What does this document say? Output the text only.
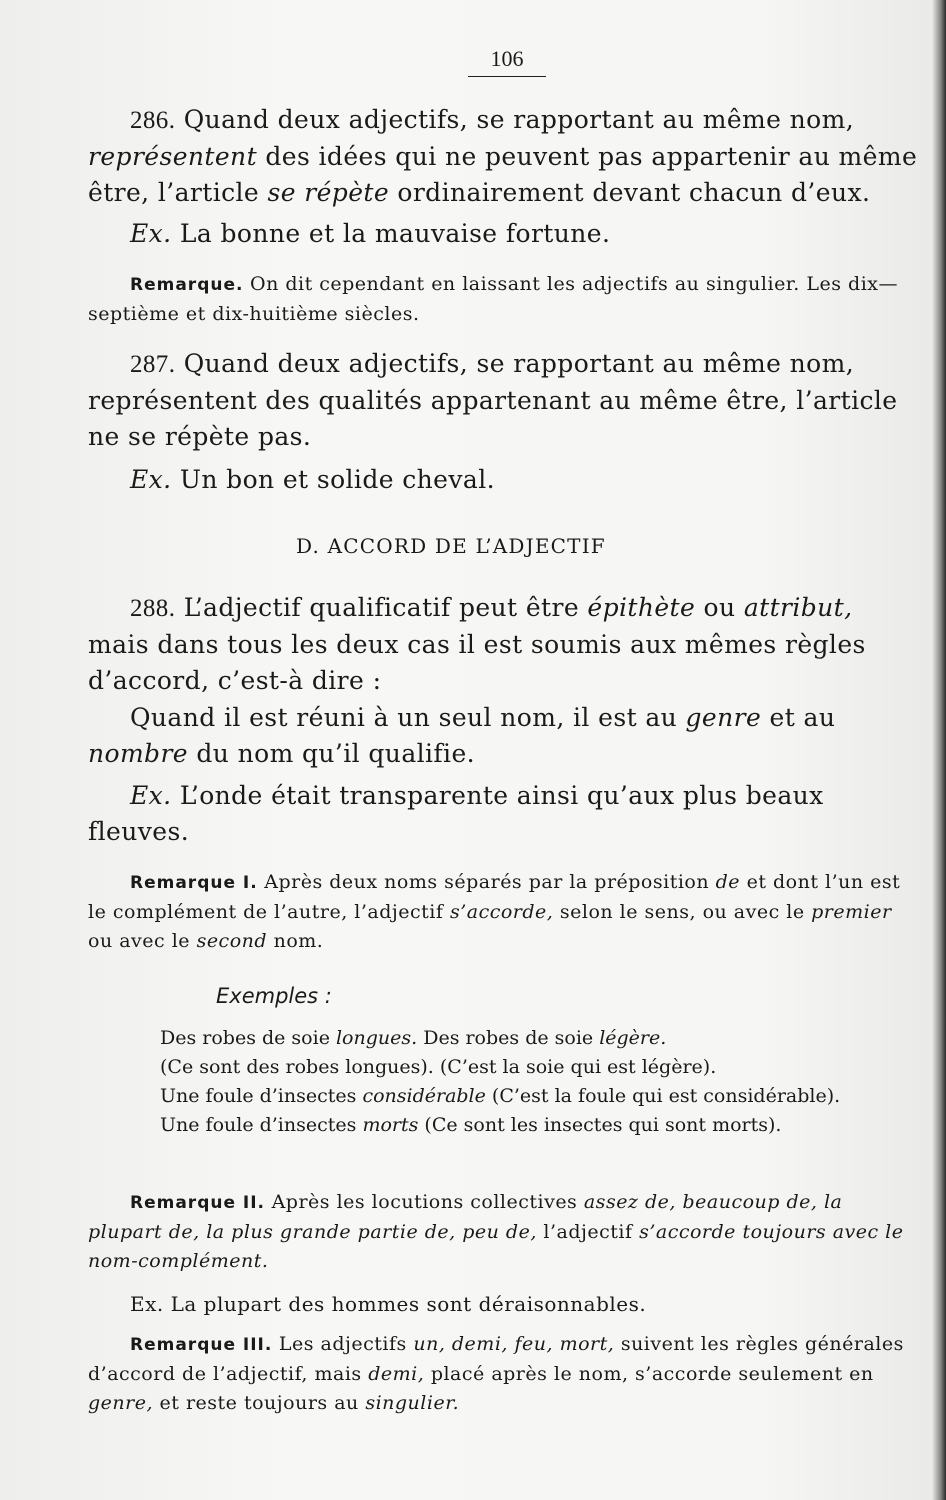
106
286. Quand deux adjectifs, se rapportant au même nom, représentent des idées qui ne peuvent pas appartenir au même être, l’article se répète ordinairement devant chacun d’eux.
Ex. La bonne et la mauvaise fortune.
Remarque. On dit cependant en laissant les adjectifs au singulier. Les dix—septième et dix-huitième siècles.
287. Quand deux adjectifs, se rapportant au même nom, représentent des qualités appartenant au même être, l’article ne se répète pas.
Ex. Un bon et solide cheval.
D. ACCORD DE L’ADJECTIF
288. L’adjectif qualificatif peut être épithète ou attribut, mais dans tous les deux cas il est soumis aux mêmes règles d’accord, c’est-à dire :
Quand il est réuni à un seul nom, il est au genre et au nombre du nom qu’il qualifie.
Ex. L’onde était transparente ainsi qu’aux plus beaux fleuves.
Remarque I. Après deux noms séparés par la préposition de et dont l’un est le complément de l’autre, l’adjectif s’accorde, selon le sens, ou avec le premier ou avec le second nom.
Exemples :
Des robes de soie longues. Des robes de soie légère.
(Ce sont des robes longues). (C’est la soie qui est légère).
Une foule d’insectes considérable (C’est la foule qui est considérable).
Une foule d’insectes morts (Ce sont les insectes qui sont morts).
Remarque II. Après les locutions collectives assez de, beaucoup de, la plupart de, la plus grande partie de, peu de, l’adjectif s’accorde toujours avec le nom-complément.
Ex. La plupart des hommes sont déraisonnables.
Remarque III. Les adjectifs un, demi, feu, mort, suivent les règles générales d’accord de l’adjectif, mais demi, placé après le nom, s’accorde seulement en genre, et reste toujours au singulier.
